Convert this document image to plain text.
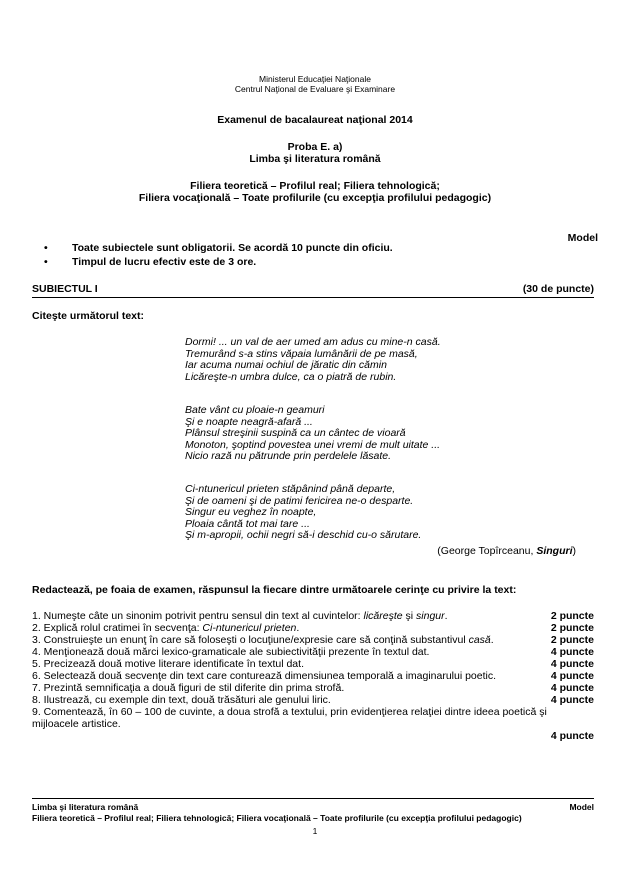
Ministerul Educaţiei Naţionale
Centrul Naţional de Evaluare şi Examinare
Examenul de bacalaureat naţional 2014
Proba E. a)
Limba şi literatura română
Filiera teoretică – Profilul real; Filiera tehnologică;
Filiera vocaţională – Toate profilurile (cu excepţia profilului pedagogic)
Model
•	Toate subiectele sunt obligatorii. Se acordă 10 puncte din oficiu.
•	Timpul de lucru efectiv este de 3 ore.
SUBIECTUL I	(30 de puncte)
Citeşte următorul text:
Dormi! ... un val de aer umed am adus cu mine-n casă.
Tremurând s-a stins văpaia lumânării de pe masă,
Iar acuma numai ochiul de jăratic din cămin
Licăreşte-n umbra dulce, ca o piatră de rubin.
Bate vânt cu ploaie-n geamuri
Şi e noapte neagră-afară ...
Plânsul streşinii suspină ca un cântec de vioară
Monoton, şoptind povestea unei vremi de mult uitate ...
Nicio rază nu pătrunde prin perdelele lăsate.
Ci-ntunericul prieten stăpânind până departe,
Şi de oameni şi de patimi fericirea ne-o desparte.
Singur eu veghez în noapte,
Ploaia cântă tot mai tare ...
Şi m-apropii, ochii negri să-i deschid cu-o sărutare.
(George Topîrceanu, Singuri)
Redactează, pe foaia de examen, răspunsul la fiecare dintre următoarele cerinţe cu privire la text:
1. Numeşte câte un sinonim potrivit pentru sensul din text al cuvintelor: licăreşte şi singur.	2 puncte
2. Explică rolul cratimei în secvenţa: Ci-ntunericul prieten.	2 puncte
3. Construieşte un enunţ în care să foloseşti o locuţiune/expresie care să conţină substantivul casă.	2 puncte
4. Menţionează două mărci lexico-gramaticale ale subiectivităţii prezente în textul dat.	4 puncte
5. Precizează două motive literare identificate în textul dat.	4 puncte
6. Selectează două secvenţe din text care conturează dimensiunea temporală a imaginarului poetic.	4 puncte
7. Prezintă semnificaţia a două figuri de stil diferite din prima strofă.	4 puncte
8. Ilustrează, cu exemple din text, două trăsături ale genului liric.	4 puncte
9. Comentează, în 60 – 100 de cuvinte, a doua strofă a textului, prin evidenţierea relaţiei dintre ideea poetică şi mijloacele artistice.
4 puncte
Limba şi literatura română	Model
Filiera teoretică – Profilul real; Filiera tehnologică; Filiera vocaţională – Toate profilurile (cu excepţia profilului pedagogic)
1
